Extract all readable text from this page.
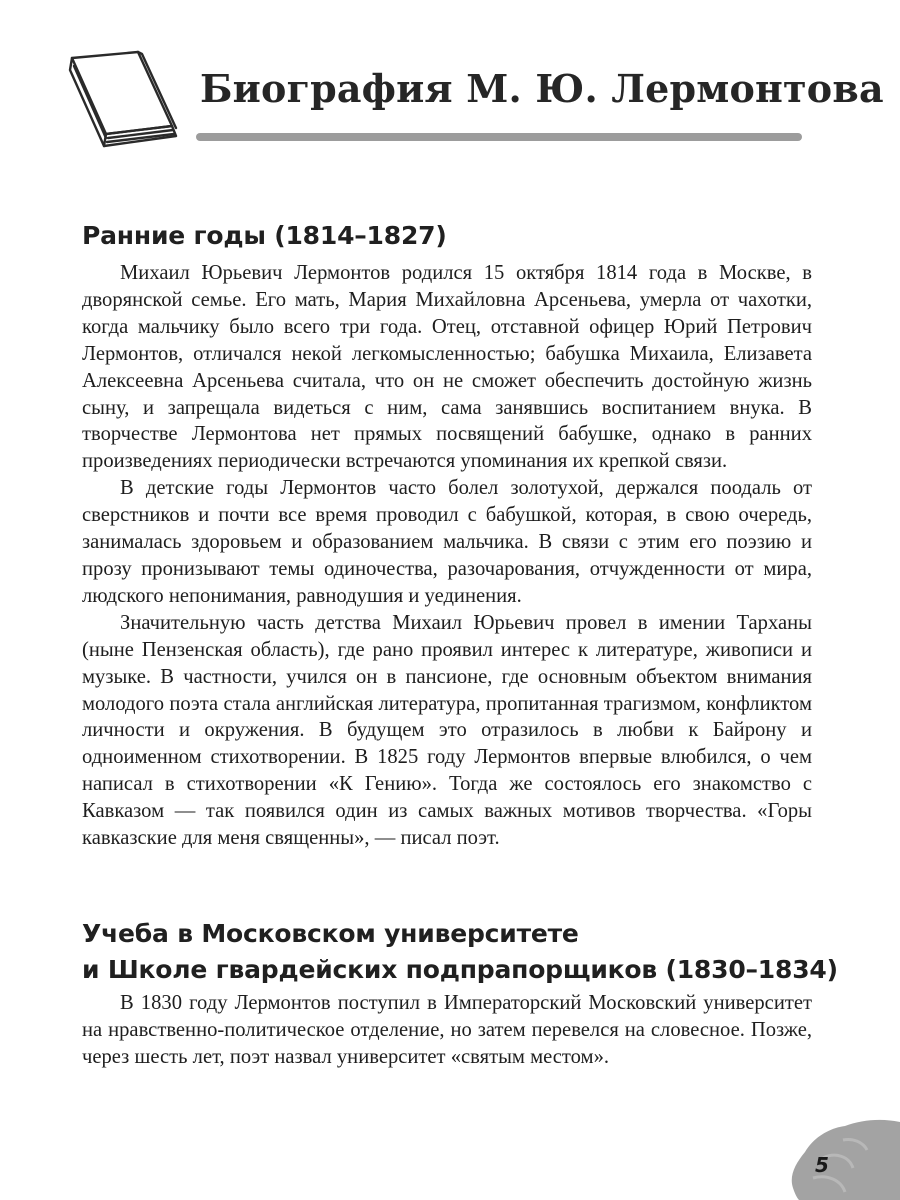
Биография М. Ю. Лермонтова
Ранние годы (1814–1827)

Михаил Юрьевич Лермонтов родился 15 октября 1814 года в Москве, в дворянской семье. Его мать, Мария Михайловна Арсеньева, умерла от чахотки, когда мальчику было всего три года. Отец, отставной офицер Юрий Петрович Лермонтов, отличался некой легкомысленностью; бабушка Михаила, Елизавета Алексеевна Арсеньева считала, что он не сможет обеспечить достойную жизнь сыну, и запрещала видеться с ним, сама занявшись воспитанием внука. В творчестве Лермонтова нет прямых посвящений бабушке, однако в ранних произведениях периодически встречаются упоминания их крепкой связи.

В детские годы Лермонтов часто болел золотухой, держался поодаль от сверстников и почти все время проводил с бабушкой, которая, в свою очередь, занималась здоровьем и образованием мальчика. В связи с этим его поэзию и прозу пронизывают темы одиночества, разочарования, отчужденности от мира, людского непонимания, равнодушия и уединения.

Значительную часть детства Михаил Юрьевич провел в имении Тарханы (ныне Пензенская область), где рано проявил интерес к литературе, живописи и музыке. В частности, учился он в пансионе, где основным объектом внимания молодого поэта стала английская литература, пропитанная трагизмом, конфликтом личности и окружения. В будущем это отразилось в любви к Байрону и одноименном стихотворении. В 1825 году Лермонтов впервые влюбился, о чем написал в стихотворении «К Гению». Тогда же состоялось его знакомство с Кавказом — так появился один из самых важных мотивов творчества. «Горы кавказские для меня священны», — писал поэт.

Учеба в Московском университете
и Школе гвардейских подпрапорщиков (1830–1834)

В 1830 году Лермонтов поступил в Императорский Московский университет на нравственно-политическое отделение, но затем перевелся на словесное. Позже, через шесть лет, поэт назвал университет «святым местом».

5
